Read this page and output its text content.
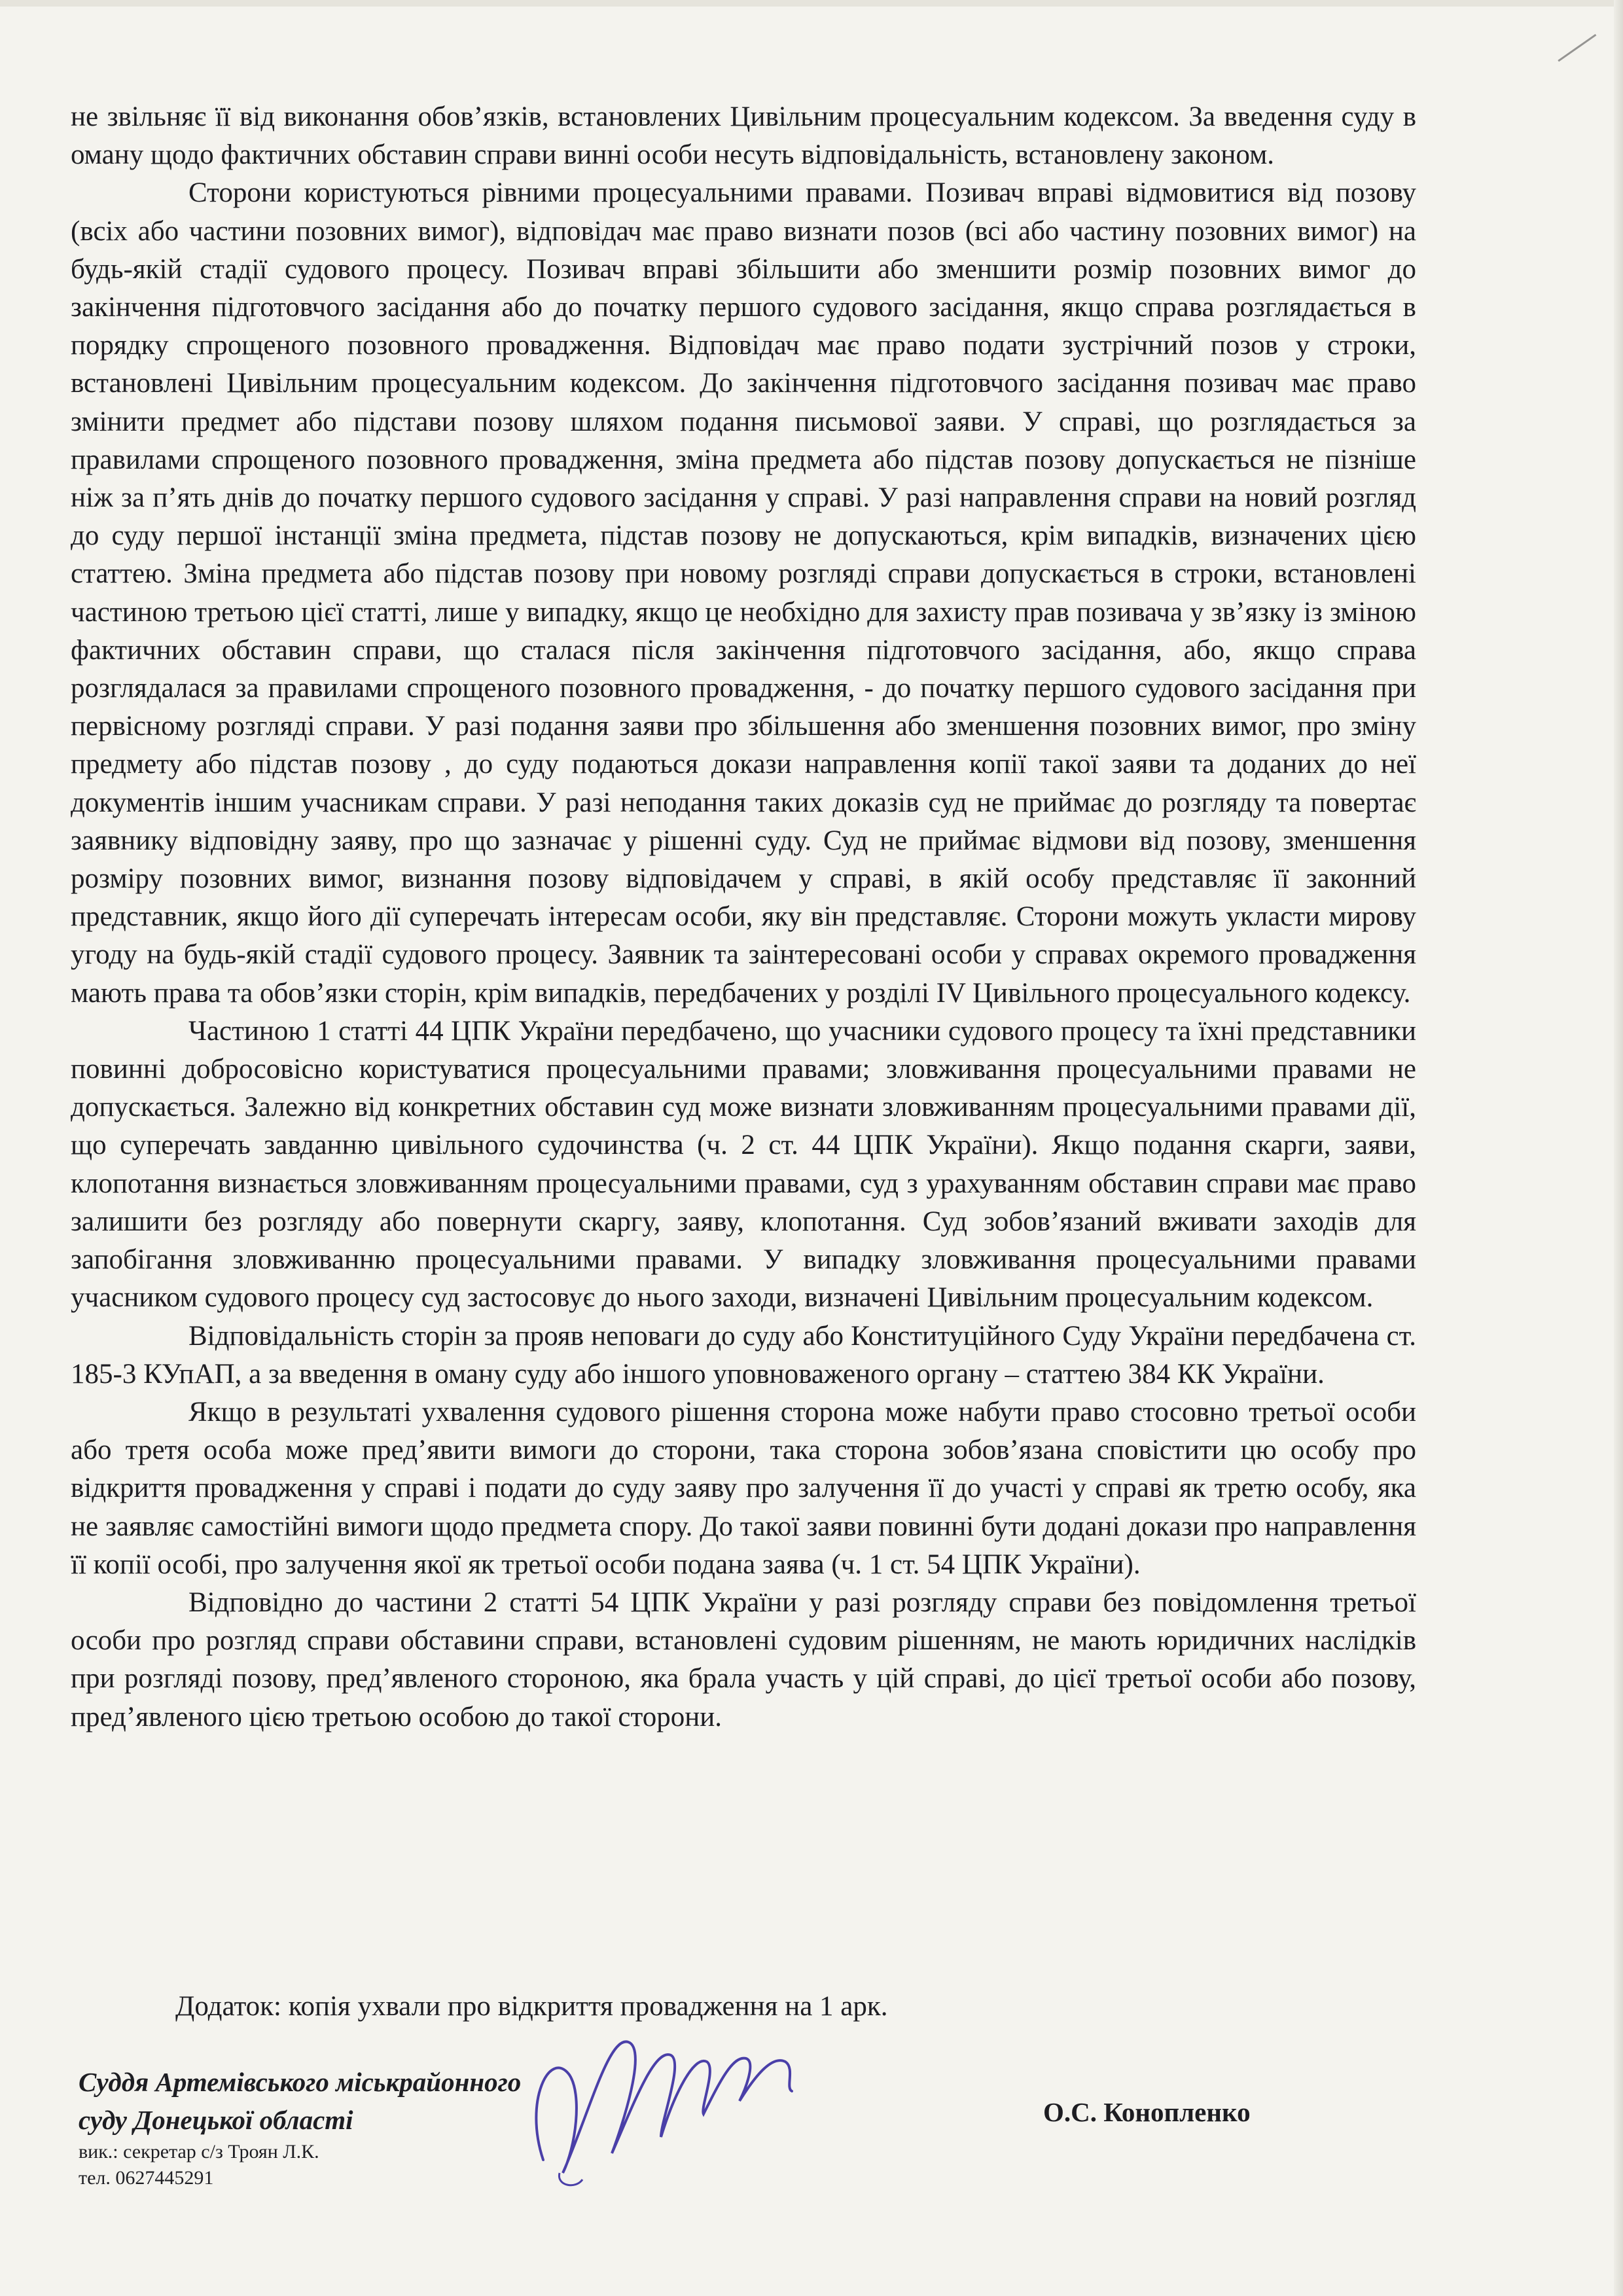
не звільняє її від виконання обов’язків, встановлених Цивільним процесуальним кодексом. За введення суду в оману щодо фактичних обставин справи винні особи несуть відповідальність, встановлену законом.

Сторони користуються рівними процесуальними правами. Позивач вправі відмовитися від позову (всіх або частини позовних вимог), відповідач має право визнати позов (всі або частину позовних вимог) на будь-якій стадії судового процесу. Позивач вправі збільшити або зменшити розмір позовних вимог до закінчення підготовчого засідання або до початку першого судового засідання, якщо справа розглядається в порядку спрощеного позовного провадження. Відповідач має право подати зустрічний позов у строки, встановлені Цивільним процесуальним кодексом. До закінчення підготовчого засідання позивач має право змінити предмет або підстави позову шляхом подання письмової заяви. У справі, що розглядається за правилами спрощеного позовного провадження, зміна предмета або підстав позову допускається не пізніше ніж за п’ять днів до початку першого судового засідання у справі. У разі направлення справи на новий розгляд до суду першої інстанції зміна предмета, підстав позову не допускаються, крім випадків, визначених цією статтею. Зміна предмета або підстав позову при новому розгляді справи допускається в строки, встановлені частиною третьою цієї статті, лише у випадку, якщо це необхідно для захисту прав позивача у зв’язку із зміною фактичних обставин справи, що сталася після закінчення підготовчого засідання, або, якщо справа розглядалася за правилами спрощеного позовного провадження, - до початку першого судового засідання при первісному розгляді справи. У разі подання заяви про збільшення або зменшення позовних вимог, про зміну предмету або підстав позову , до суду подаються докази направлення копії такої заяви та доданих до неї документів іншим учасникам справи. У разі неподання таких доказів суд не приймає до розгляду та повертає заявнику відповідну заяву, про що зазначає у рішенні суду. Суд не приймає відмови від позову, зменшення розміру позовних вимог, визнання позову відповідачем у справі, в якій особу представляє її законний представник, якщо його дії суперечать інтересам особи, яку він представляє. Сторони можуть укласти мирову угоду на будь-якій стадії судового процесу. Заявник та заінтересовані особи у справах окремого провадження мають права та обов’язки сторін, крім випадків, передбачених у розділі IV Цивільного процесуального кодексу.

Частиною 1 статті 44 ЦПК України передбачено, що учасники судового процесу та їхні представники повинні добросовісно користуватися процесуальними правами; зловживання процесуальними правами не допускається. Залежно від конкретних обставин суд може визнати зловживанням процесуальними правами дії, що суперечать завданню цивільного судочинства (ч. 2 ст. 44 ЦПК України). Якщо подання скарги, заяви, клопотання визнається зловживанням процесуальними правами, суд з урахуванням обставин справи має право залишити без розгляду або повернути скаргу, заяву, клопотання. Суд зобов’язаний вживати заходів для запобігання зловживанню процесуальними правами. У випадку зловживання процесуальними правами учасником судового процесу суд застосовує до нього заходи, визначені Цивільним процесуальним кодексом.

Відповідальність сторін за прояв неповаги до суду або Конституційного Суду України передбачена ст. 185-3 КУпАП, а за введення в оману суду або іншого уповноваженого органу – статтею 384 КК України.

Якщо в результаті ухвалення судового рішення сторона може набути право стосовно третьої особи або третя особа може пред’явити вимоги до сторони, така сторона зобов’язана сповістити цю особу про відкриття провадження у справі і подати до суду заяву про залучення її до участі у справі як третю особу, яка не заявляє самостійні вимоги щодо предмета спору. До такої заяви повинні бути додані докази про направлення її копії особі, про залучення якої як третьої особи подана заява (ч. 1 ст. 54 ЦПК України).

Відповідно до частини 2 статті 54 ЦПК України у разі розгляду справи без повідомлення третьої особи про розгляд справи обставини справи, встановлені судовим рішенням, не мають юридичних наслідків при розгляді позову, пред’явленого стороною, яка брала участь у цій справі, до цієї третьої особи або позову, пред’явленого цією третьою особою до такої сторони.

Додаток: копія ухвали про відкриття провадження на 1 арк.
Суддя Артемівського міськрайонного
суду Донецької області	О.С. Конопленко
вик.: секретар с/з Троян Л.К.
тел. 0627445291
